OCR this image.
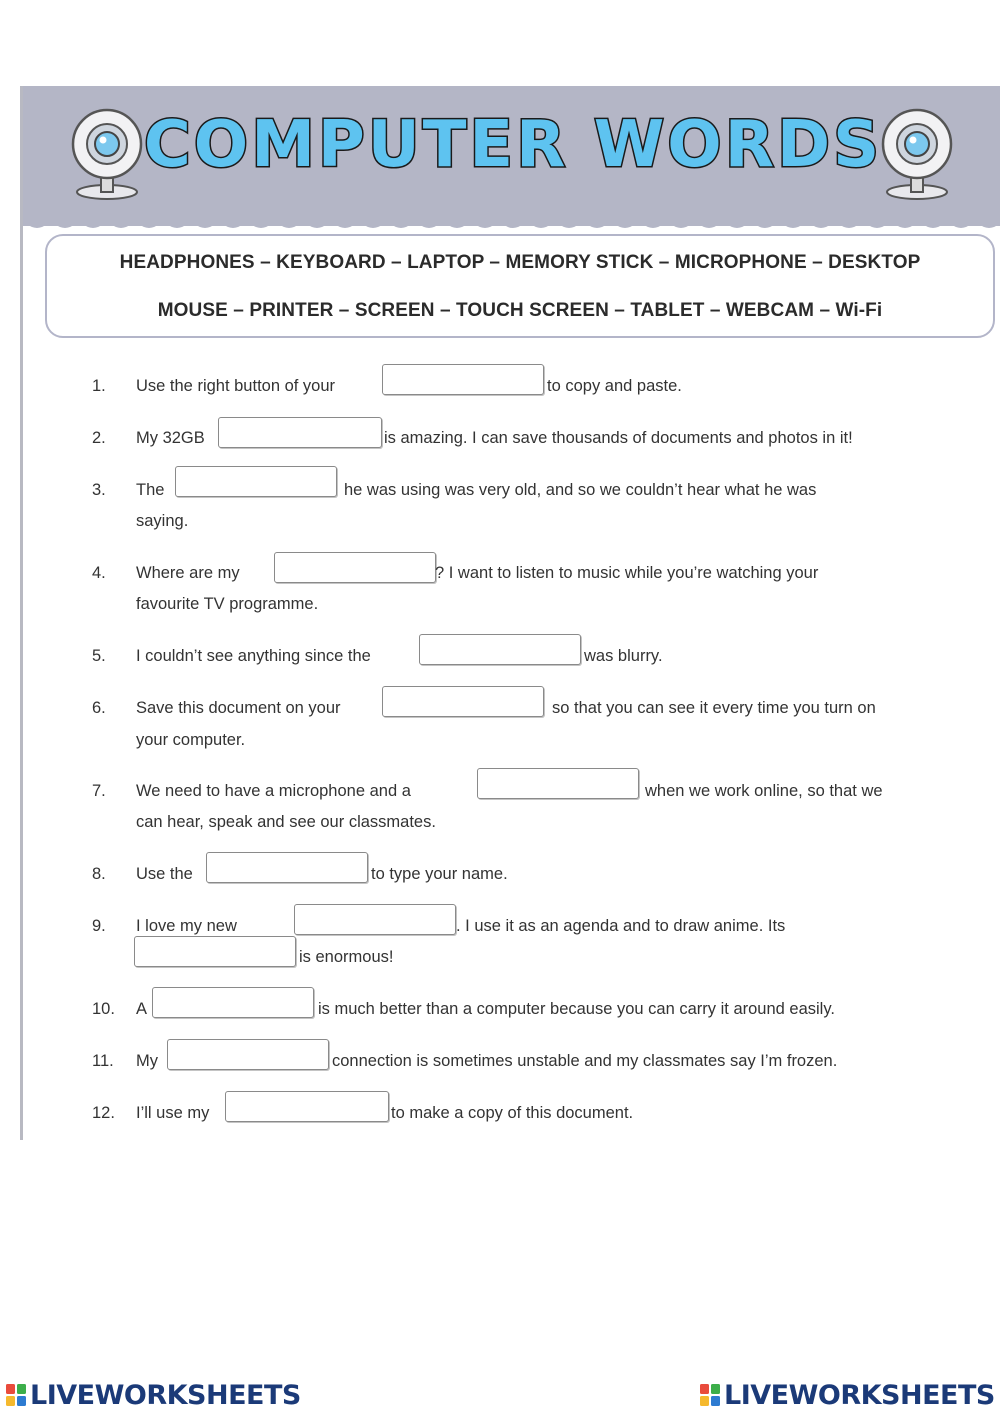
COMPUTER WORDS
HEADPHONES – KEYBOARD – LAPTOP – MEMORY STICK – MICROPHONE – DESKTOP
MOUSE – PRINTER – SCREEN – TOUCH SCREEN – TABLET – WEBCAM – Wi-Fi
1.	Use the right button of your	to copy and paste.
2.	My 32GB	is amazing. I can save thousands of documents and photos in it!
3.	The	he was using was very old, and so we couldn’t hear what he was
saying.
4.	Where are my	? I want to listen to music while you’re watching your
favourite TV programme.
5.	I couldn’t see anything since the	was blurry.
6.	Save this document on your	so that you can see it every time you turn on
your computer.
7.	We need to have a microphone and a	when we work online, so that we
can hear, speak and see our classmates.
8.	Use the	to type your name.
9.	I love my new	. I use it as an agenda and to draw anime. Its
is enormous!
10.	A	is much better than a computer because you can carry it around easily.
11.	My	connection is sometimes unstable and my classmates say I’m frozen.
12.	I’ll use my	to make a copy of this document.
LIVEWORKSHEETS	LIVEWORKSHEETS
